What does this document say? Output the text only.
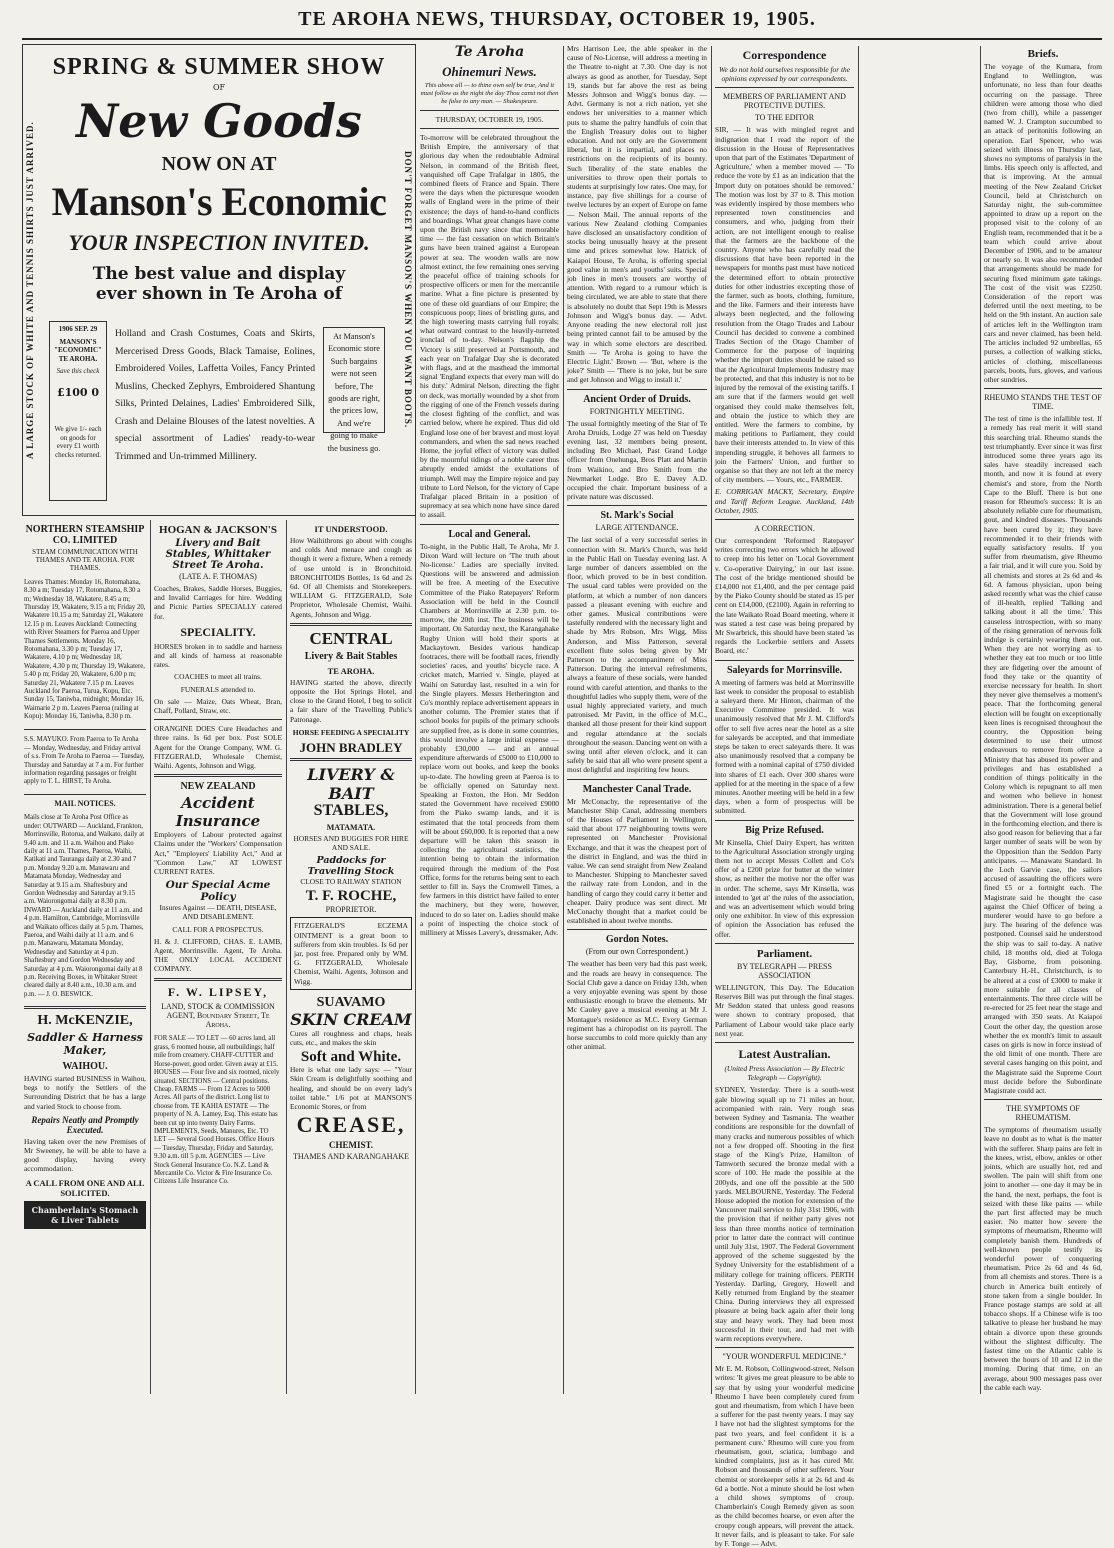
TE AROHA NEWS, THURSDAY, OCTOBER 19, 1905.
A LARGE STOCK OF WHITE AND TENNIS SHIRTS JUST ARRIVED.	DON'T FORGET MANSON'S WHEN YOU WANT BOOTS.
SPRING & SUMMER SHOW
OF
New Goods
NOW ON AT
Manson's Economic
YOUR INSPECTION INVITED.
The best value and display ever shown in Te Aroha of
1906 SEP. 29
MANSON'S "ECONOMIC" TE AROHA.
Save this check
£100 0
We give 1/- each on goods for every £1 worth checks returned.
Holland and Crash Costumes, Coats and Skirts, Mercerised Dress Goods, Black Tamaise, Eolines, Embroidered Voiles, Laffetta Voiles, Fancy Printed Muslins, Checked Zephyrs, Embroidered Shantung Silks, Printed Delaines, Ladies' Embroidered Silk, Crash and Delaine Blouses of the latest novelties. A special assortment of Ladies' ready-to-wear Trimmed and Un-trimmed Millinery.
At Manson's Economic store Such bargains were not seen before, The goods are right, the prices low, And we're going to make the business go.
NORTHERN STEAMSHIP CO. LIMITED
STEAM COMMUNICATION WITH THAMES AND TE AROHA. FOR THAMES.

Leaves Thames: Monday 16, Rotomahana, 8.30 a m; Tuesday 17, Rotomahana, 8.30 a m; Wednesday 18, Wakatere, 8.45 a m; Thursday 19, Wakatere, 9.15 a m; Friday 20, Wakatere 10.15 a m; Saturday 21, Wakatere 12.15 p m. Leaves Auckland: Connecting with River Steamers for Paeroa and Upper Thames Settlements. Monday 16, Rotomahana, 3.30 p m; Tuesday 17, Wakatere, 4.10 p m; Wednesday 18, Wakatere, 4.30 p m; Thursday 19, Wakatere, 5.40 p m; Friday 20, Wakatere, 6.00 p m; Saturday 21, Wakatere 7.15 p m. Leaves Auckland for Paeroa, Turua, Kopu, Etc. Sunday 15, Taniwha, midnight; Monday 16, Waimarie 2 p m. Leaves Paeroa (railing at Kopu): Monday 16, Taniwha, 8.30 p m.

S.S. MAYUKO. From Paeroa to Te Aroha — Monday, Wednesday, and Friday arrival of s.s. From Te Aroha to Paeroa — Tuesday, Thursday and Saturday at 7 a m. For further information regarding passages or freight apply to T. L. HIRST, Te Aroha.

MAIL NOTICES.

Mails close at Te Aroha Post Office as under: OUTWARD — Auckland, Frankton, Morrinsville, Rotorua, and Waikato, daily at 9.40 a.m. and 11 a.m. Waihou and Piako daily at 11 a.m. Thames, Paeroa, Waihi, Katikati and Tauranga daily at 2.30 and 7 p.m. Monday 9.20 a.m. Manawaru and Matamata Monday, Wednesday and Saturday at 9.15 a.m. Shaftesbury and Gordon Wednesday and Saturday at 9.15 a.m. Waiorongomai daily at 8.30 p.m. INWARD — Auckland daily at 11 a.m. and 4 p.m. Hamilton, Cambridge, Morrinsville and Waikato offices daily at 5 p.m. Thames, Paeroa, and Waihi daily at 11 a.m. and 6 p.m. Manawaru, Matamata Monday, Wednesday and Saturday at 4 p.m. Shaftesbury and Gordon Wednesday and Saturday at 4 p.m. Waiorongomai daily at 8 p.m. Receiving Boxes, in Whitaker Street cleared daily at 8.40 a.m., 10.30 a.m. and p.m. — J. O. BESWICK.

H. McKENZIE,
Saddler & Harness Maker,
WAIHOU.

HAVING started BUSINESS in Waihou, begs to notify the Settlers of the Surrounding District that he has a large and varied Stock to choose from.

Repairs Neatly and Promptly Executed.

Having taken over the new Premises of Mr Sweeney, he will be able to have a good display, having every accommodation.

A CALL FROM ONE AND ALL SOLICITED.
Chamberlain's Stomach & Liver Tablets
HOGAN & JACKSON'S
Livery and Bait Stables, Whittaker Street Te Aroha.
(LATE A. F. THOMAS)

Coaches, Brakes, Saddle Horses, Buggies, and Invalid Carriages for hire. Wedding and Picnic Parties SPECIALLY catered for.

SPECIALITY.

HORSES broken in to saddle and harness and all kinds of harness at reasonable rates.

COACHES to meet all trains.

FUNERALS attended to.

On sale — Maize, Oats Wheat, Bran, Chaff, Pollard, Straw, etc.

ORANGINE DOES Cure Headaches and three rains. Is 6d per box. Post SOLE Agent for the Orange Company, WM. G. FITZGERALD, Wholesale Chemist, Waihi. Agents, Johnson and Wigg.

NEW ZEALAND
Accident Insurance

Employers of Labour protected against Claims under the "Workers' Compensation Act," "Employers' Liability Act," And at "Common Law," AT LOWEST CURRENT RATES.

Our Special Acme Policy

Insures Against — DEATH, DISEASE, AND DISABLEMENT.

CALL FOR A PROSPECTUS.

H. & J. CLIFFORD, CHAS. E. LAMB, Agent, Morrinsville. Agent, Te Aroha. THE ONLY LOCAL ACCIDENT COMPANY.

F. W. LIPSEY,
LAND, STOCK & COMMISSION AGENT, Boundary Street, Te Aroha.

FOR SALE — TO LET — 60 acres land, all grass, 6 roomed house, all outbuildings; half mile from creamery. CHAFF-CUTTER and Horse-power, good order. Given away at £15. HOUSES — Four five and six roomed, nicely situated. SECTIONS — Central positions. Cheap. FARMS — From 12 Acres to 5000 Acres. All parts of the district. Long list to choose from. TE KAHIA ESTATE — The property of N. A. Lamey, Esq. This estate has been cut up into twenty Dairy Farms. IMPLEMENTS, Seeds, Manures, Etc. TO LET — Several Good Houses. Office Hours — Tuesday, Thursday, Friday and Saturday, 9.30 a.m. till 5 p.m. AGENCIES — Live Stock General Insurance Co. N.Z. Land & Mercantile Co. Victor & Fire Insurance Co. Citizens Life Insurance Co.

IT UNDERSTOOD.

How Waihithrons go about with coughs and colds And menace and cough as though it were a fixture, When a remedy of use untold is in Bronchitoid. BRONCHITOIDS Bottles, 1s 6d and 2s 6d. Of all Chemists and Storekeepers. WILLIAM G. FITZGERALD, Sole Proprietor, Wholesale Chemist, Waihi. Agents, Johnson and Wigg.

CENTRAL
Livery & Bait Stables
TE AROHA.

HAVING started the above, directly opposite the Hot Springs Hotel, and close to the Grand Hotel, I beg to solicit a fair share of the Travelling Public's Patronage.

HORSE FEEDING A SPECIALITY
JOHN BRADLEY
LIVERY & BAIT
STABLES,
MATAMATA.

HORSES AND BUGGIES FOR HIRE AND SALE.

Paddocks for Travelling Stock

CLOSE TO RAILWAY STATION

T. F. ROCHE,
PROPRIETOR.

FITZGERALD'S ECZEMA OINTMENT is a great boon to sufferers from skin troubles. Is 6d per jar, post free. Prepared only by WM. G. FITZGERALD, Wholesale Chemist, Waihi. Agents, Johnson and Wigg.

SUAVAMO
SKIN CREAM

Cures all roughness and chaps, heals cuts, etc., and makes the skin

Soft and White.

Here is what one lady says: — "Your Skin Cream is delightfully soothing and healing, and should be on every lady's toilet table." 1/6 pot at MANSON'S Economic Stores, or from

CREASE,
CHEMIST.
THAMES AND KARANGAHAKE
Te Aroha
Ohinemuri News.

This above all — to thine own self be true, And it must follow as the night the day Thou canst not then be false to any man. — Shakespeare.

THURSDAY, OCTOBER 19, 1905.

To-morrow will be celebrated throughout the British Empire, the anniversary of that glorious day when the redoubtable Admiral Nelson, in command of the British fleet, vanquished off Cape Trafalgar in 1805, the combined fleets of France and Spain. There were the days when the picturesque wooden walls of England were in the prime of their existence; the days of hand-to-hand conflicts and boardings. What great changes have come upon the British navy since that memorable time — the fast cessation on which Britain's guns have been trained against a European power at sea. The wooden walls are now almost extinct, the few remaining ones serving the peaceful office of training schools for prospective officers or men for the mercantile marine. What a fine picture is presented by one of these old guardians of our Empire; the conspicuous poop; lines of bristling guns, and the high towering masts carrying full royals; what outward contrast to the heavily-turreted ironclad of to-day. Nelson's flagship the Victory is still preserved at Portsmouth, and each year on Trafalgar Day she is decorated with flags, and at the masthead the immortal signal 'England expects that every man will do his duty.' Admiral Nelson, directing the fight on deck, was mortally wounded by a shot from the rigging of one of the French vessels during the closest fighting of the conflict, and was carried below, where he expired. Thus did old England lose one of her bravest and most loyal commanders, and when the sad news reached Home, the joyful effect of victory was dulled by the mournful tidings of a noble career thus abruptly ended amidst the exultations of triumph. Well may the Empire rejoice and pay tribute to Lord Nelson, for the victory of Cape Trafalgar placed Britain in a position of supremacy at sea which none have since dared to assail.

Local and General.

To-night, in the Public Hall, Te Aroha, Mr J. Dixon Ward will lecture on 'The truth about No-license.' Ladies are specially invited. Questions will be answered and admission will be free. A meeting of the Executive Committee of the Piako Ratepayers' Reform Association will be held in the Council Chambers at Morrinsville at 2.30 p.m. to-morrow, the 20th inst. The business will be important. On Saturday next, the Karangahake Rugby Union will hold their sports at Mackaytown. Besides various handicap footraces, there will be football races, friendly societies' races, and youths' bicycle race. A cricket match, Married v. Single, played at Waihi on Saturday last, resulted in a win for the Single players. Messrs Hetherington and Co's monthly replace advertisement appears in another column. The Premier states that if school books for pupils of the primary schools are supplied free, as is done in some countries, this would involve a large initial expense — probably £30,000 — and an annual expenditure afterwards of £5000 to £10,000 to replace worn out books, and keep the books up-to-date. The howling green at Paeroa is to be officially opened on Saturday next. Speaking at Foxton, the Hon. Mr Seddon stated the Government have received £9000 from the Piako swamp lands, and it is estimated that the total proceeds from them will be about £60,000. It is reported that a new departure will be taken this season in collecting the agricultural statistics, the intention being to obtain the information required through the medium of the Post Office, forms for the returns being sent to each settler to fill in. Says the Cromwell Times, a few farmers in this district have failed to enter the machinery, but they were, however, induced to do so later on. Ladies should make a point of inspecting the choice stock of millinery at Misses Lavery's, dressmaker, Adv.

Mrs Harrison Lee, the able speaker in the cause of No-License, will address a meeting in the Theatre to-night at 7.30. One day is not always as good as another, for Tuesday, Sept 19, stands but far above the rest as being Messrs Johnson and Wigg's bonus day. — Advt. Germany is not a rich nation, yet she endows her universities to a manner which puts to shame the paltry handfuls of coin that the English Treasury doles out to higher education. And not only are the Government liberal, but it is impartial, and places no restrictions on the recipients of its bounty. Such liberality of the state enables the universities to throw open their portals to students at surprisingly low rates. One may, for instance, pay five shillings for a course of twelve lectures by an expert of Europe on fame — Nelson Mail. The annual reports of the various New Zealand clothing Companies have disclosed an unsatisfactory condition of stocks being unusually heavy at the present time and prices somewhat low. Hatrick of Kaiapoi House, Te Aroha, is offering special good value in men's and youths' suits. Special job lines in men's trousers are worthy of attention. With regard to a rumour which is being circulated, we are able to state that there is absolutely no doubt that Sept 19th is Messrs Johnson and Wigg's bonus day. — Advt. Anyone reading the new electoral roll just being printed cannot fail to be amused by the way in which some electors are described. Smith — 'Te Aroha is going to have the Electric Light.' Brown — 'But, where is the joke?' Smith — 'There is no joke, but be sure and get Johnson and Wigg to install it.'

Ancient Order of Druids.
FORTNIGHTLY MEETING.

The usual fortnightly meeting of the Star of Te Aroha Druids, Lodge 27 was held on Tuesday evening last, 32 members being present, including Bro Michael, Past Grand Lodge officer from Onehunga, Bros Platt and Martin from Waikino, and Bro Smith from the Newmarket Lodge. Bro E. Davey A.D. occupied the chair. Important business of a private nature was discussed.

St. Mark's Social
LARGE ATTENDANCE.

The last social of a very successful series in connection with St. Mark's Church, was held in the Public Hall on Tuesday evening last. A large number of dancers assembled on the floor, which proved to be in best condition. The usual card tables were provided on the platform, at which a number of non dancers passed a pleasant evening with euchre and other games. Musical contributions were tastefully rendered with the necessary light and shade by Mrs Robson, Mrs Wigg, Miss Anderson, and Miss Patterson, several excellent flute solos being given by Mr Patterson to the accompaniment of Miss Patterson. During the interval refreshments, always a feature of these socials, were handed round with careful attention, and thanks to the thoughtful ladies who supply them, were of the usual highly appreciated variety, and much patronised. Mr Pavitt, in the office of M.C., thanked all those present for their kind support and regular attendance at the socials throughout the season. Dancing went on with a swing until after eleven o'clock, and it can safely be said that all who were present spent a most delightful and inspiriting few hours.

Manchester Canal Trade.

Mr McConachy, the representative of the Manchester Ship Canal, addressing members of the Houses of Parliament in Wellington, said that about 177 neighbouring towns were represented on Manchester Provisional Exchange, and that it was the cheapest port of the district in England, and was the third in value. We can send straight from New Zealand to Manchester. Shipping to Manchester saved the railway rate from London, and in the handling of cargo they could carry it better and cheaper. Dairy produce was sent direct. Mr McConachy thought that a market could be established in about twelve months.

Gordon Notes.
(From our own Correspondent.)

The weather has been very bad this past week, and the roads are heavy in consequence. The Social Club gave a dance on Friday 13th, when a very enjoyable evening was spent by those enthusiastic enough to brave the elements. Mr Mc Cauley gave a musical evening at Mr J. Montague's residence as M.C. Every German regiment has a chiropodist on its payroll. The horse succumbs to cold more quickly than any other animal.

Correspondence

We do not hold ourselves responsible for the opinions expressed by our correspondents.

MEMBERS OF PARLIAMENT AND PROTECTIVE DUTIES.
TO THE EDITOR

SIR, — It was with mingled regret and indignation that I read the report of the discussion in the House of Representatives upon that part of the Estimates 'Department of Agriculture,' when a member moved — 'To reduce the vote by £1 as an indication that the Import duty on potatoes should be removed.' The motion was lost by 37 to 8. This motion was evidently inspired by those members who represented town constituencies and consumers, and who, judging from their action, are not intelligent enough to realise that the farmers are the backbone of the country. Anyone who has carefully read the discussions that have been reported in the newspapers for months past must have noticed the determined effort to obtain protective duties for other industries excepting those of the farmer, such as boots, clothing, furniture, and the like. Farmers and their interests have always been neglected, and the following resolution from the Otago Trades and Labour Council has decided to convene a combined Trades Section of the Otago Chamber of Commerce for the purpose of inquiring whether the import duties should be raised so that the Agricultural Implements Industry may be protected, and that this industry is not to be injured by the removal of the existing tariffs. I am sure that if the farmers would get well organised they could make themselves felt, and obtain the justice to which they are entitled. Were the farmers to combine, by making petitions to Parliament, they could have their interests attended to. In view of this impending struggle, it behoves all farmers to join the Farmers' Union, and further to organise so that they are not left at the mercy of city members. — Yours, etc., FARMER.

E. CORRIGAN MACKY, Secretary, Empire and Tariff Reform League. Auckland, 14th October, 1905.

A CORRECTION.

Our correspondent 'Reformed Ratepayer' writes correcting two errors which he allowed to creep into his letter on 'Local Government v. Co-operative Dairying,' in our last issue. The cost of the bridge mentioned should be £14,000 not £1,400, and the per centage paid by the Piako County should be stated as 15 per cent on £14,000, (£2100). Again in referring to the late Waikato Road Board meeting, where it was stated a test case was being prepared by Mr Swarbrick, this should have been stated 'as regards the Lockerbie settlers and Assets Board, etc.'

Saleyards for Morrinsville.

A meeting of farmers was held at Morrinsville last week to consider the proposal to establish a saleyard there. Mr Hinton, chairman of the Executive Committee presided. It was unanimously resolved that Mr J. M. Clifford's offer to sell five acres near the hotel as a site for saleyards be accepted, and that immediate steps be taken to erect saleyards there. It was also unanimously resolved that a company be formed with a nominal capital of £750 divided into shares of £1 each. Over 300 shares were applied for at the meeting in the space of a few minutes. Another meeting will be held in a few days, when a form of prospectus will be submitted.

Big Prize Refused.

Mr Kinsella, Chief Dairy Expert, has written to the Agricultural Association strongly urging them not to accept Messrs Collett and Co's offer of a £200 prize for butter at the winter show, as neither the motive nor the offer was in order. The scheme, says Mr Kinsella, was intended to 'get at' the rules of the association, and was an advertisement which would bring only one exhibitor. In view of this expression of opinion the Association has refused the offer.

Parliament.
BY TELEGRAPH — PRESS ASSOCIATION

WELLINGTON, This Day. The Education Reserves Bill was put through the final stages. Mr Seddon stated that unless good reasons were shown to contrary proposed, that Parliament of Labour would take place early next year.

Latest Australian.

(United Press Association — By Electric Telegraph — Copyright).

SYDNEY, Yesterday. There is a south-west gale blowing squall up to 71 miles an hour, accompanied with rain. Very rough seas between Sydney and Tasmania. The weather conditions are responsible for the downfall of many cracks and numerous possibles of which not a few dropped off. Shooting in the first stage of the King's Prize, Hamilton of Tamworth secured the bronze medal with a score of 100. He made the possible at the 200yds, and one off the possible at the 500 yards. MELBOURNE, Yesterday. The Federal House adopted the motion for extension of the Vancouver mail service to July 31st 1906, with the provision that if neither party gives not less than three months notice of termination prior to latter date the contract will continue until July 31st, 1907. The Federal Government approved of the scheme suggested by the Sydney University for the establishment of a military college for training officers. PERTH Yesterday. Darling, Gregory, Howell and Kelly returned from England by the steamer China. During interviews they all expressed pleasure at being back again after their long stay and heavy work. They had been most successful in their tour, and had met with warm receptions everywhere.

"YOUR WONDERFUL MEDICINE."

Mr E. M. Robson, Collingwood-street, Nelson writes: 'It gives me great pleasure to be able to say that by using your wonderful medicine Rheumo I have been completely cured from gout and rheumatism, from which I have been a sufferer for the past twenty years. I may say I have not had the slightest symptoms for the past two years, and feel confident it is a permanent cure.' Rheumo will cure you from rheumatism, gout, sciatica, lumbago and kindred complaints, just as it has cured Mr. Robson and thousands of other sufferers. Your chemist or storekeeper sells it at 2s 6d and 4s 6d a bottle. Not a minute should be lost when a child shows symptoms of croup. Chamberlain's Cough Remedy given as soon as the child becomes hoarse, or even after the croupy cough appears, will prevent the attack. It never fails, and is pleasant to take. For sale by F. Tonge — Advt.

Briefs.

The voyage of the Kumara, from England to Wellington, was unfortunate, no less than four deaths occurring on the passage. Three children were among those who died (two from chill), while a passenger named W. J. Crampton succumbed to an attack of peritonitis following an operation. Earl Spencer, who was seized with illness on Thursday last, shows no symptoms of paralysis in the limbs. His speech only is affected, and that is improving. At the annual meeting of the New Zealand Cricket Council, held at Christchurch on Saturday night, the sub-committee appointed to draw up a report on the proposed visit to the colony of an English team, recommended that it be a team which could arrive about December of 1906, and to be amateur or nearly so. It was also recommended that arrangements should be made for securing fixed minimum gate takings. The cost of the visit was £2250. Consideration of the report was deferred until the next meeting, to be held on the 9th instant. An auction sale of articles left in the Wellington tram cars and never claimed, has been held. The articles included 92 umbrellas, 65 purses, a collection of walking sticks, articles of clothing, miscellaneous parcels, boots, furs, gloves, and various other sundries.

RHEUMO STANDS THE TEST OF TIME.

The test of time is the infallible test. If a remedy has real merit it will stand this searching trial. Rheumo stands the test triumphantly. Ever since it was first introduced some three years ago its sales have steadily increased each month, and now it is found at every chemist's and store, from the North Cape to the Bluff. There is but one reason for Rheumo's success: It is an absolutely reliable cure for rheumatism, gout, and kindred diseases. Thousands have been cured by it; they have recommended it to their friends with equally satisfactory results. If you suffer from rheumatism, give Rheumo a fair trial, and it will cure you. Sold by all chemists and stores at 2s 6d and 4s 6d. A famous physician, upon being asked recently what was the chief cause of ill-health, replied 'Talking and talking about it all the time.' This causeless introspection, with so many of the rising generation of nervous folk indulge is certainly wearing them out. When they are not worrying as to whether they eat too much or too little they are fidgeting over the amount of food they take or the quantity of exercise necessary for health. In short they never give themselves a moment's peace. That the forthcoming general election will be fought on exceptionally keen lines is recognised throughout the country, the Opposition being determined to use their utmost endeavours to remove from office a Ministry that has abused its power and privileges and has established a condition of things politically in the Colony which is repugnant to all men and women who believe in honest administration. There is a general belief that the Government will lose ground in the forthcoming election, and there is also good reason for believing that a far larger number of seats will be won by the Opposition than the Seddon Party anticipates. — Manawatu Standard. In the Loch Garvie case, the sailors accused of assaulting the officers were fined £5 or a fortnight each. The Magistrate said he thought the case against the Chief Officer of being a murderer would have to go before a jury. The hearing of the defence was postponed. Counsel said he understood the ship was to sail to-day. A native child, 18 months old, died at Tologa Bay, Gisborne, from poisoning. Canterbury H.-H., Christchurch, is to be altered at a cost of £3000 to make it more suitable for all classes of entertainments. The three circle will be re-erected for 25 feet near the stage and arranged with 350 seats. At Kaiapoi Court the other day, the question arose whether the ex month's limit to assault cases on girls is now in force instead of the old limit of one month. There are several cases hanging on this point, and the Magistrate said the Supreme Court must decide before the Subordinate Magistrate could act.

THE SYMPTOMS OF RHEUMATISM.

The symptoms of rheumatism usually leave no doubt as to what is the matter with the sufferer. Sharp pains are felt in the knees, wrist, elbow, ankles or other joints, which are usually hot, red and swollen. The pain will shift from one joint to another — one day it may be in the hand, the next, perhaps, the foot is seized with these like pains — while the part first affected may be much easier. No matter how severe the symptoms of rheumatism, Rheumo will completely banish them. Hundreds of well-known people testify its wonderful power of conquering rheumatism. Price 2s 6d and 4s 6d, from all chemists and stores. There is a church in America built entirely of stone taken from a single boulder. In France postage stamps are sold at all tobacco shops. If a Chinese wife is too talkative to please her husband he may obtain a divorce upon these grounds without the slightest difficulty. The fastest time on the Atlantic cable is between the hours of 10 and 12 in the morning. During that time, on an average, about 900 messages pass over the cable each way.
